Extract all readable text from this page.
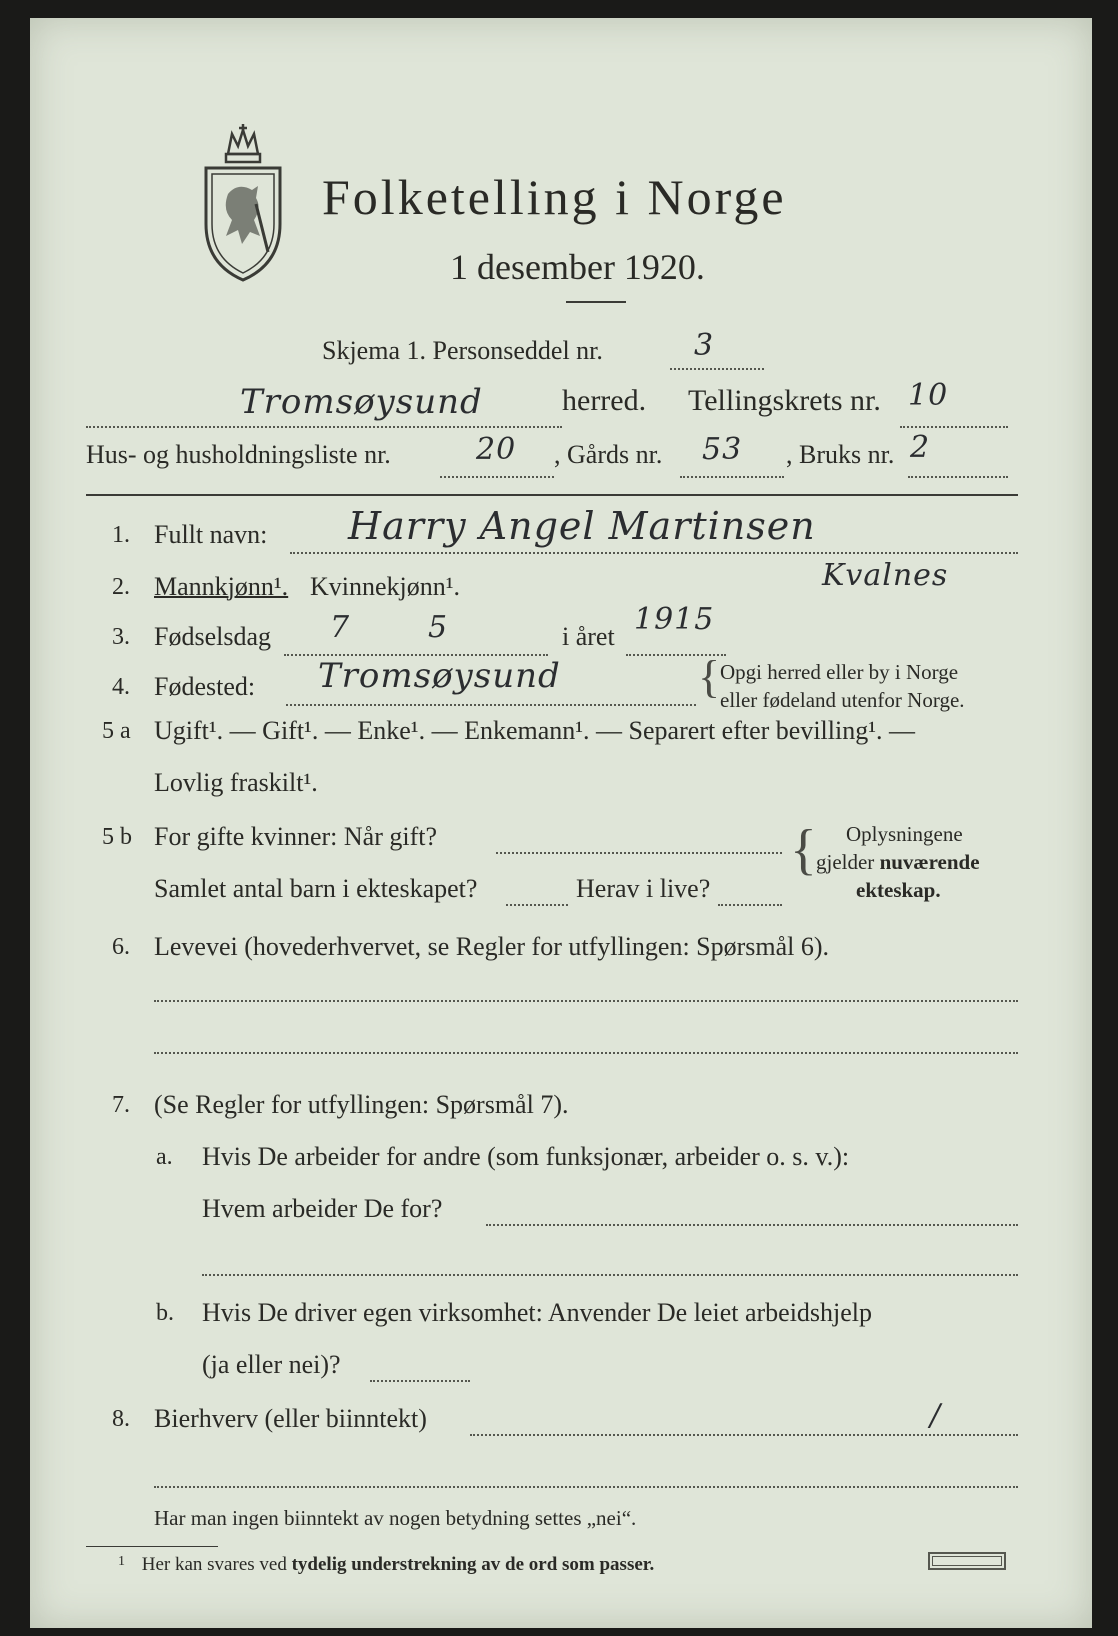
Folketelling i Norge
1 desember 1920.
Skjema 1. Personseddel nr.	3
Tromsøysund	herred. Tellingskrets nr. 10
Hus- og husholdningsliste nr.	20 , Gårds nr. 53 , Bruks nr. 2
1. Fullt navn: Harry Angel Martinsen
Kvalnes
2. Mannkjønn¹. Kvinnekjønn¹.
3. Fødselsdag 7	5	i året 1915
4. Fødested: Tromsøysund	{ Opgi herred eller by i Norge
eller fødeland utenfor Norge.
5 a Ugift¹. — Gift¹. — Enke¹. — Enkemann¹. — Separert efter bevilling¹. —
Lovlig fraskilt¹.
5 b For gifte kvinner: Når gift?	{ Oplysningene
gjelder nuværende
ekteskap.
Samlet antal barn i ekteskapet?	Herav i live?
6. Levevei (hovederhvervet, se Regler for utfyllingen: Spørsmål 6).
7. (Se Regler for utfyllingen: Spørsmål 7).
a. Hvis De arbeider for andre (som funksjonær, arbeider o. s. v.):
Hvem arbeider De for?
b. Hvis De driver egen virksomhet: Anvender De leiet arbeidshjelp
(ja eller nei)?
8. Bierhverv (eller biinntekt)	/
Har man ingen biinntekt av nogen betydning settes „nei“.
$^1$ Her kan svares ved tydelig understrekning av de ord som passer.
